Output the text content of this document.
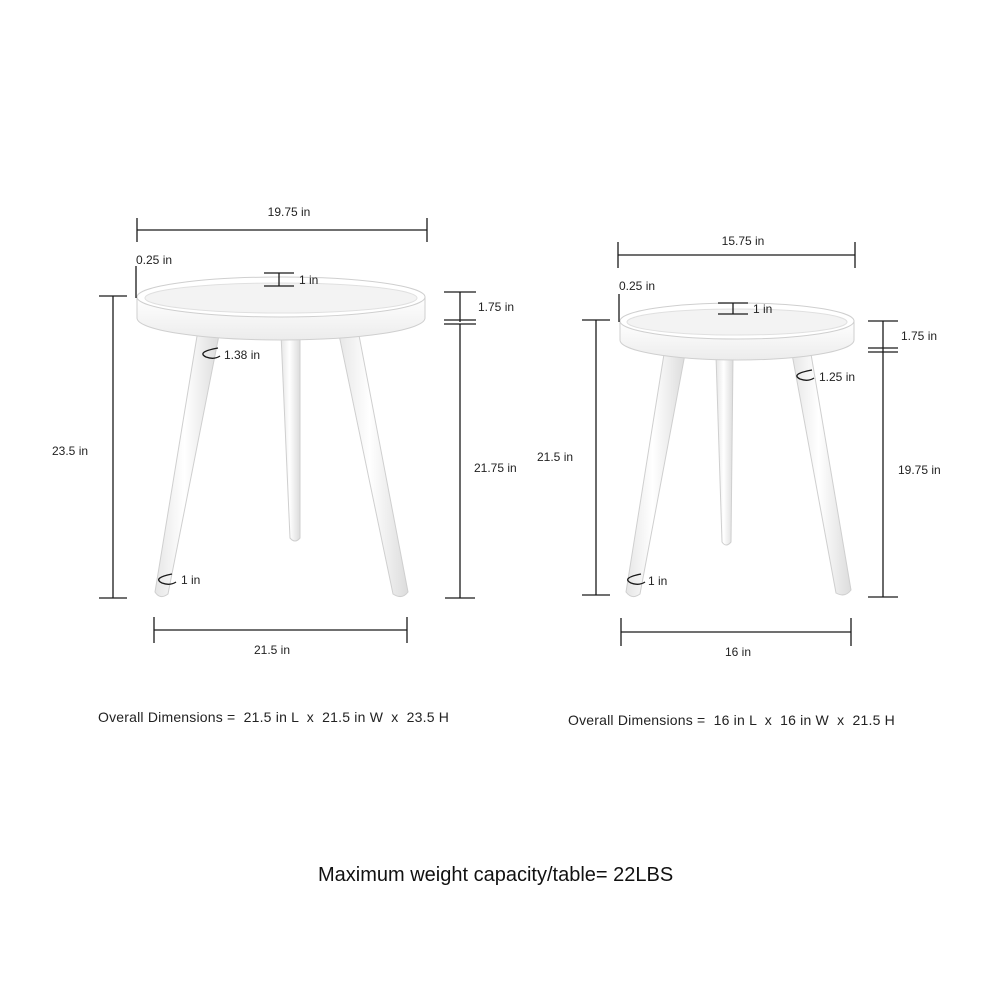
19.75 in
0.25 in
1 in
1.75 in
1.38 in
23.5 in
21.75 in
1 in
21.5 in
15.75 in
0.25 in
1 in
1.75 in
1.25 in
21.5 in
19.75 in
1 in
16 in
Overall Dimensions =  21.5 in L  x  21.5 in W  x  23.5 H	Overall Dimensions =  16 in L  x  16 in W  x  21.5 H
Maximum weight capacity/table= 22LBS
